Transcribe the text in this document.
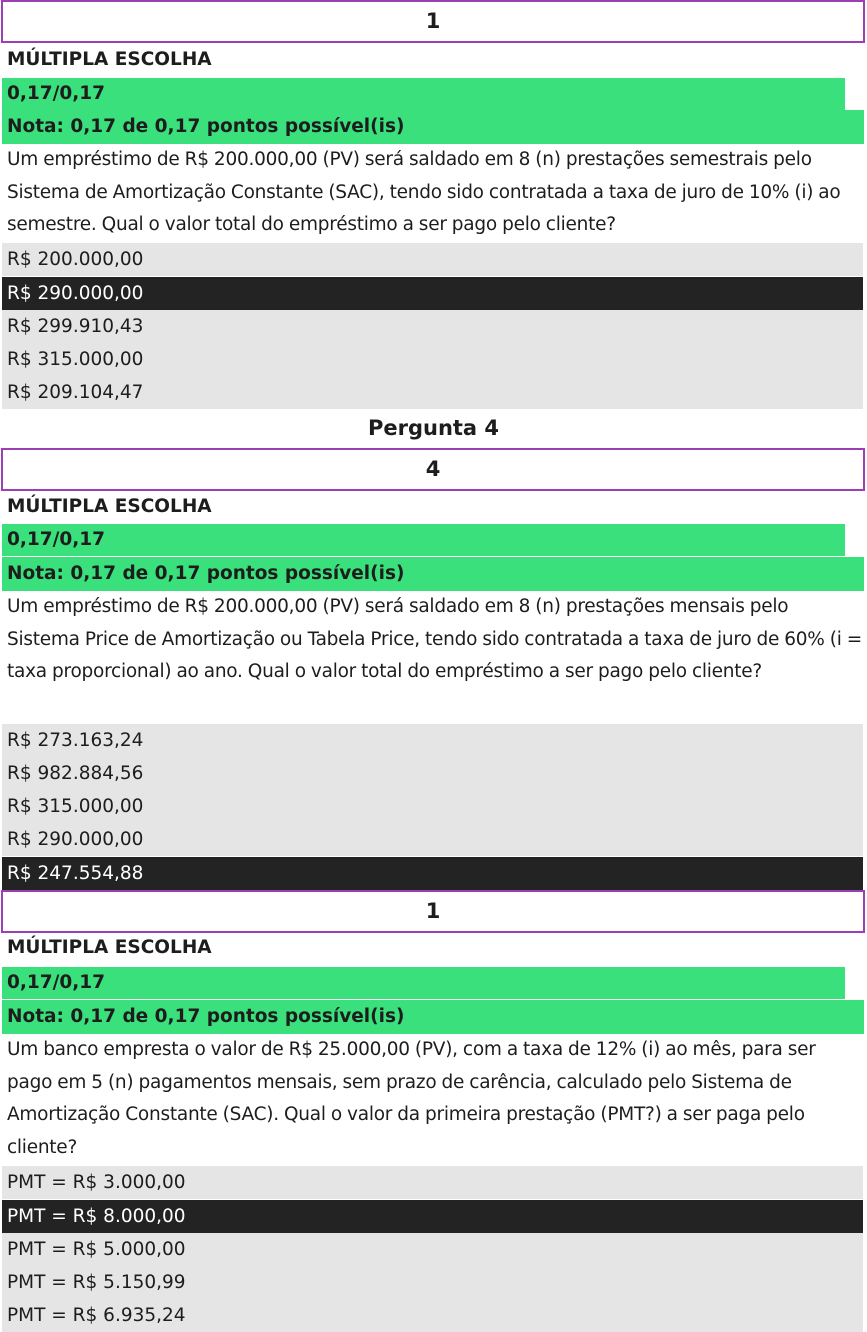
1
MÚLTIPLA ESCOLHA
0,17/0,17
Nota: 0,17 de 0,17 pontos possível(is)
Um empréstimo de R$ 200.000,00 (PV) será saldado em 8 (n) prestações semestrais pelo Sistema de Amortização Constante (SAC), tendo sido contratada a taxa de juro de 10% (i) ao semestre. Qual o valor total do empréstimo a ser pago pelo cliente?
R$ 200.000,00
R$ 290.000,00
R$ 299.910,43
R$ 315.000,00
R$ 209.104,47
Pergunta 4
4
MÚLTIPLA ESCOLHA
0,17/0,17
Nota: 0,17 de 0,17 pontos possível(is)
Um empréstimo de R$ 200.000,00 (PV) será saldado em 8 (n) prestações mensais pelo Sistema Price de Amortização ou Tabela Price, tendo sido contratada a taxa de juro de 60% (i = taxa proporcional) ao ano. Qual o valor total do empréstimo a ser pago pelo cliente?
R$ 273.163,24
R$ 982.884,56
R$ 315.000,00
R$ 290.000,00
R$ 247.554,88
1
MÚLTIPLA ESCOLHA
0,17/0,17
Nota: 0,17 de 0,17 pontos possível(is)
Um banco empresta o valor de R$ 25.000,00 (PV), com a taxa de 12% (i) ao mês, para ser pago em 5 (n) pagamentos mensais, sem prazo de carência, calculado pelo Sistema de Amortização Constante (SAC). Qual o valor da primeira prestação (PMT?) a ser paga pelo cliente?
PMT = R$ 3.000,00
PMT = R$ 8.000,00
PMT = R$ 5.000,00
PMT = R$ 5.150,99
PMT = R$ 6.935,24
